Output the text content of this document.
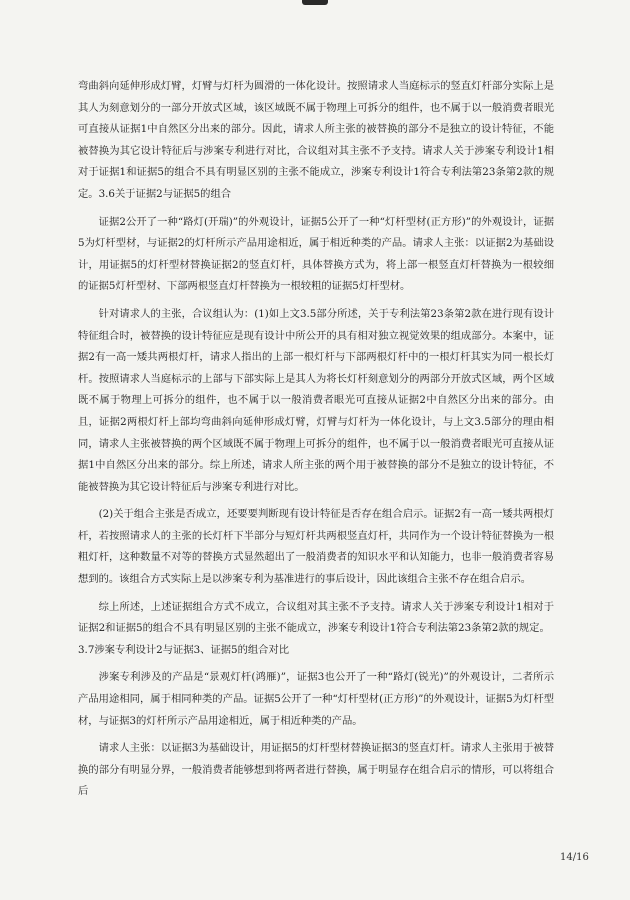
弯曲斜向延伸形成灯臂，灯臂与灯杆为圆滑的一体化设计。按照请求人当庭标示的竖直灯杆部分实际上是其人为刻意划分的一部分开放式区域，该区域既不属于物理上可拆分的组件，也不属于以一般消费者眼光可直接从证据1中自然区分出来的部分。因此，请求人所主张的被替换的部分不是独立的设计特征，不能被替换为其它设计特征后与涉案专利进行对比，合议组对其主张不予支持。请求人关于涉案专利设计1相对于证据1和证据5的组合不具有明显区别的主张不能成立，涉案专利设计1符合专利法第23条第2款的规定。3.6关于证据2与证据5的组合

证据2公开了一种“路灯(开瑞)”的外观设计，证据5公开了一种“灯杆型材(正方形)”的外观设计，证据5为灯杆型材，与证据2的灯杆所示产品用途相近，属于相近种类的产品。请求人主张：以证据2为基础设计，用证据5的灯杆型材替换证据2的竖直灯杆，具体替换方式为，将上部一根竖直灯杆替换为一根较细的证据5灯杆型材、下部两根竖直灯杆替换为一根较粗的证据5灯杆型材。

针对请求人的主张，合议组认为：(1)如上文3.5部分所述，关于专利法第23条第2款在进行现有设计特征组合时，被替换的设计特征应是现有设计中所公开的具有相对独立视觉效果的组成部分。本案中，证据2有一高一矮共两根灯杆，请求人指出的上部一根灯杆与下部两根灯杆中的一根灯杆其实为同一根长灯杆。按照请求人当庭标示的上部与下部实际上是其人为将长灯杆刻意划分的两部分开放式区域，两个区域既不属于物理上可拆分的组件，也不属于以一般消费者眼光可直接从证据2中自然区分出来的部分。由且，证据2两根灯杆上部均弯曲斜向延伸形成灯臂，灯臂与灯杆为一体化设计，与上文3.5部分的理由相同，请求人主张被替换的两个区域既不属于物理上可拆分的组件，也不属于以一般消费者眼光可直接从证据1中自然区分出来的部分。综上所述，请求人所主张的两个用于被替换的部分不是独立的设计特征，不能被替换为其它设计特征后与涉案专利进行对比。

(2)关于组合主张是否成立，还要要判断现有设计特征是否存在组合启示。证据2有一高一矮共两根灯杆，若按照请求人的主张的长灯杆下半部分与短灯杆共两根竖直灯杆，共同作为一个设计特征替换为一根粗灯杆，这种数量不对等的替换方式显然超出了一般消费者的知识水平和认知能力，也非一般消费者容易想到的。该组合方式实际上是以涉案专利为基准进行的事后设计，因此该组合主张不存在组合启示。

综上所述，上述证据组合方式不成立，合议组对其主张不予支持。请求人关于涉案专利设计1相对于证据2和证据5的组合不具有明显区别的主张不能成立，涉案专利设计1符合专利法第23条第2款的规定。

3.7涉案专利设计2与证据3、证据5的组合对比

涉案专利涉及的产品是“景观灯杆(鸿雁)”，证据3也公开了一种“路灯(锐光)”的外观设计，二者所示产品用途相同，属于相同种类的产品。证据5公开了一种“灯杆型材(正方形)”的外观设计，证据5为灯杆型材，与证据3的灯杆所示产品用途相近，属于相近种类的产品。

请求人主张：以证据3为基础设计，用证据5的灯杆型材替换证据3的竖直灯杆。请求人主张用于被替换的部分有明显分界，一般消费者能够想到将两者进行替换，属于明显存在组合启示的情形，可以将组合后

14/16
